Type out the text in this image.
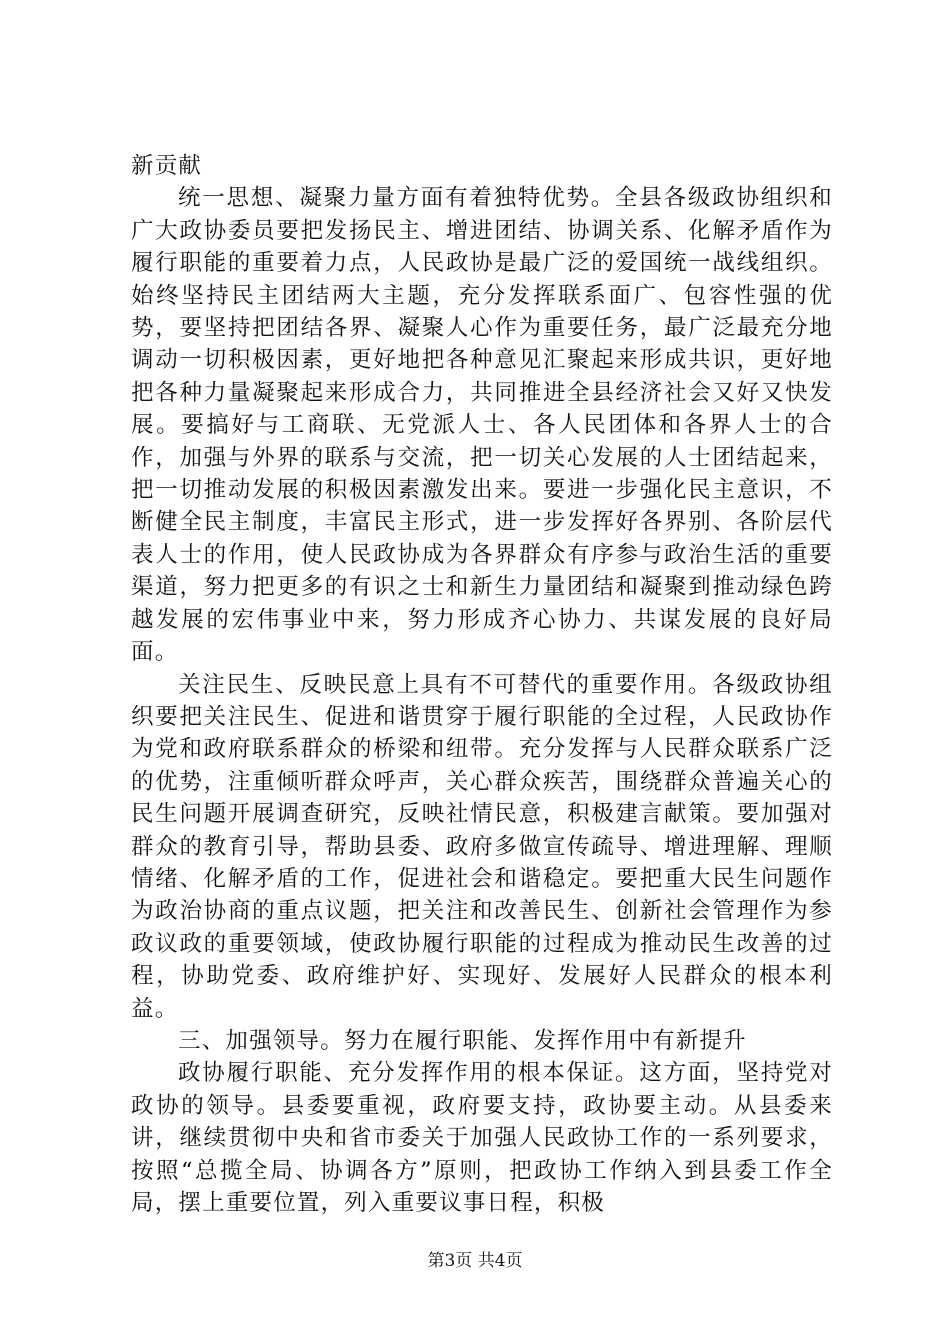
新贡献

统一思想、凝聚力量方面有着独特优势。全县各级政协组织和广大政协委员要把发扬民主、增进团结、协调关系、化解矛盾作为履行职能的重要着力点，人民政协是最广泛的爱国统一战线组织。始终坚持民主团结两大主题，充分发挥联系面广、包容性强的优势，要坚持把团结各界、凝聚人心作为重要任务，最广泛最充分地调动一切积极因素，更好地把各种意见汇聚起来形成共识，更好地把各种力量凝聚起来形成合力，共同推进全县经济社会又好又快发展。要搞好与工商联、无党派人士、各人民团体和各界人士的合作，加强与外界的联系与交流，把一切关心发展的人士团结起来，把一切推动发展的积极因素激发出来。要进一步强化民主意识，不断健全民主制度，丰富民主形式，进一步发挥好各界别、各阶层代表人士的作用，使人民政协成为各界群众有序参与政治生活的重要渠道，努力把更多的有识之士和新生力量团结和凝聚到推动绿色跨越发展的宏伟事业中来，努力形成齐心协力、共谋发展的良好局面。

关注民生、反映民意上具有不可替代的重要作用。各级政协组织要把关注民生、促进和谐贯穿于履行职能的全过程，人民政协作为党和政府联系群众的桥梁和纽带。充分发挥与人民群众联系广泛的优势，注重倾听群众呼声，关心群众疾苦，围绕群众普遍关心的民生问题开展调查研究，反映社情民意，积极建言献策。要加强对群众的教育引导，帮助县委、政府多做宣传疏导、增进理解、理顺情绪、化解矛盾的工作，促进社会和谐稳定。要把重大民生问题作为政治协商的重点议题，把关注和改善民生、创新社会管理作为参政议政的重要领域，使政协履行职能的过程成为推动民生改善的过程，协助党委、政府维护好、实现好、发展好人民群众的根本利益。

三、加强领导。努力在履行职能、发挥作用中有新提升

政协履行职能、充分发挥作用的根本保证。这方面，坚持党对政协的领导。县委要重视，政府要支持，政协要主动。从县委来讲，继续贯彻中央和省市委关于加强人民政协工作的一系列要求，按照“总揽全局、协调各方”原则，把政协工作纳入到县委工作全局，摆上重要位置，列入重要议事日程，积极

第3页 共4页
